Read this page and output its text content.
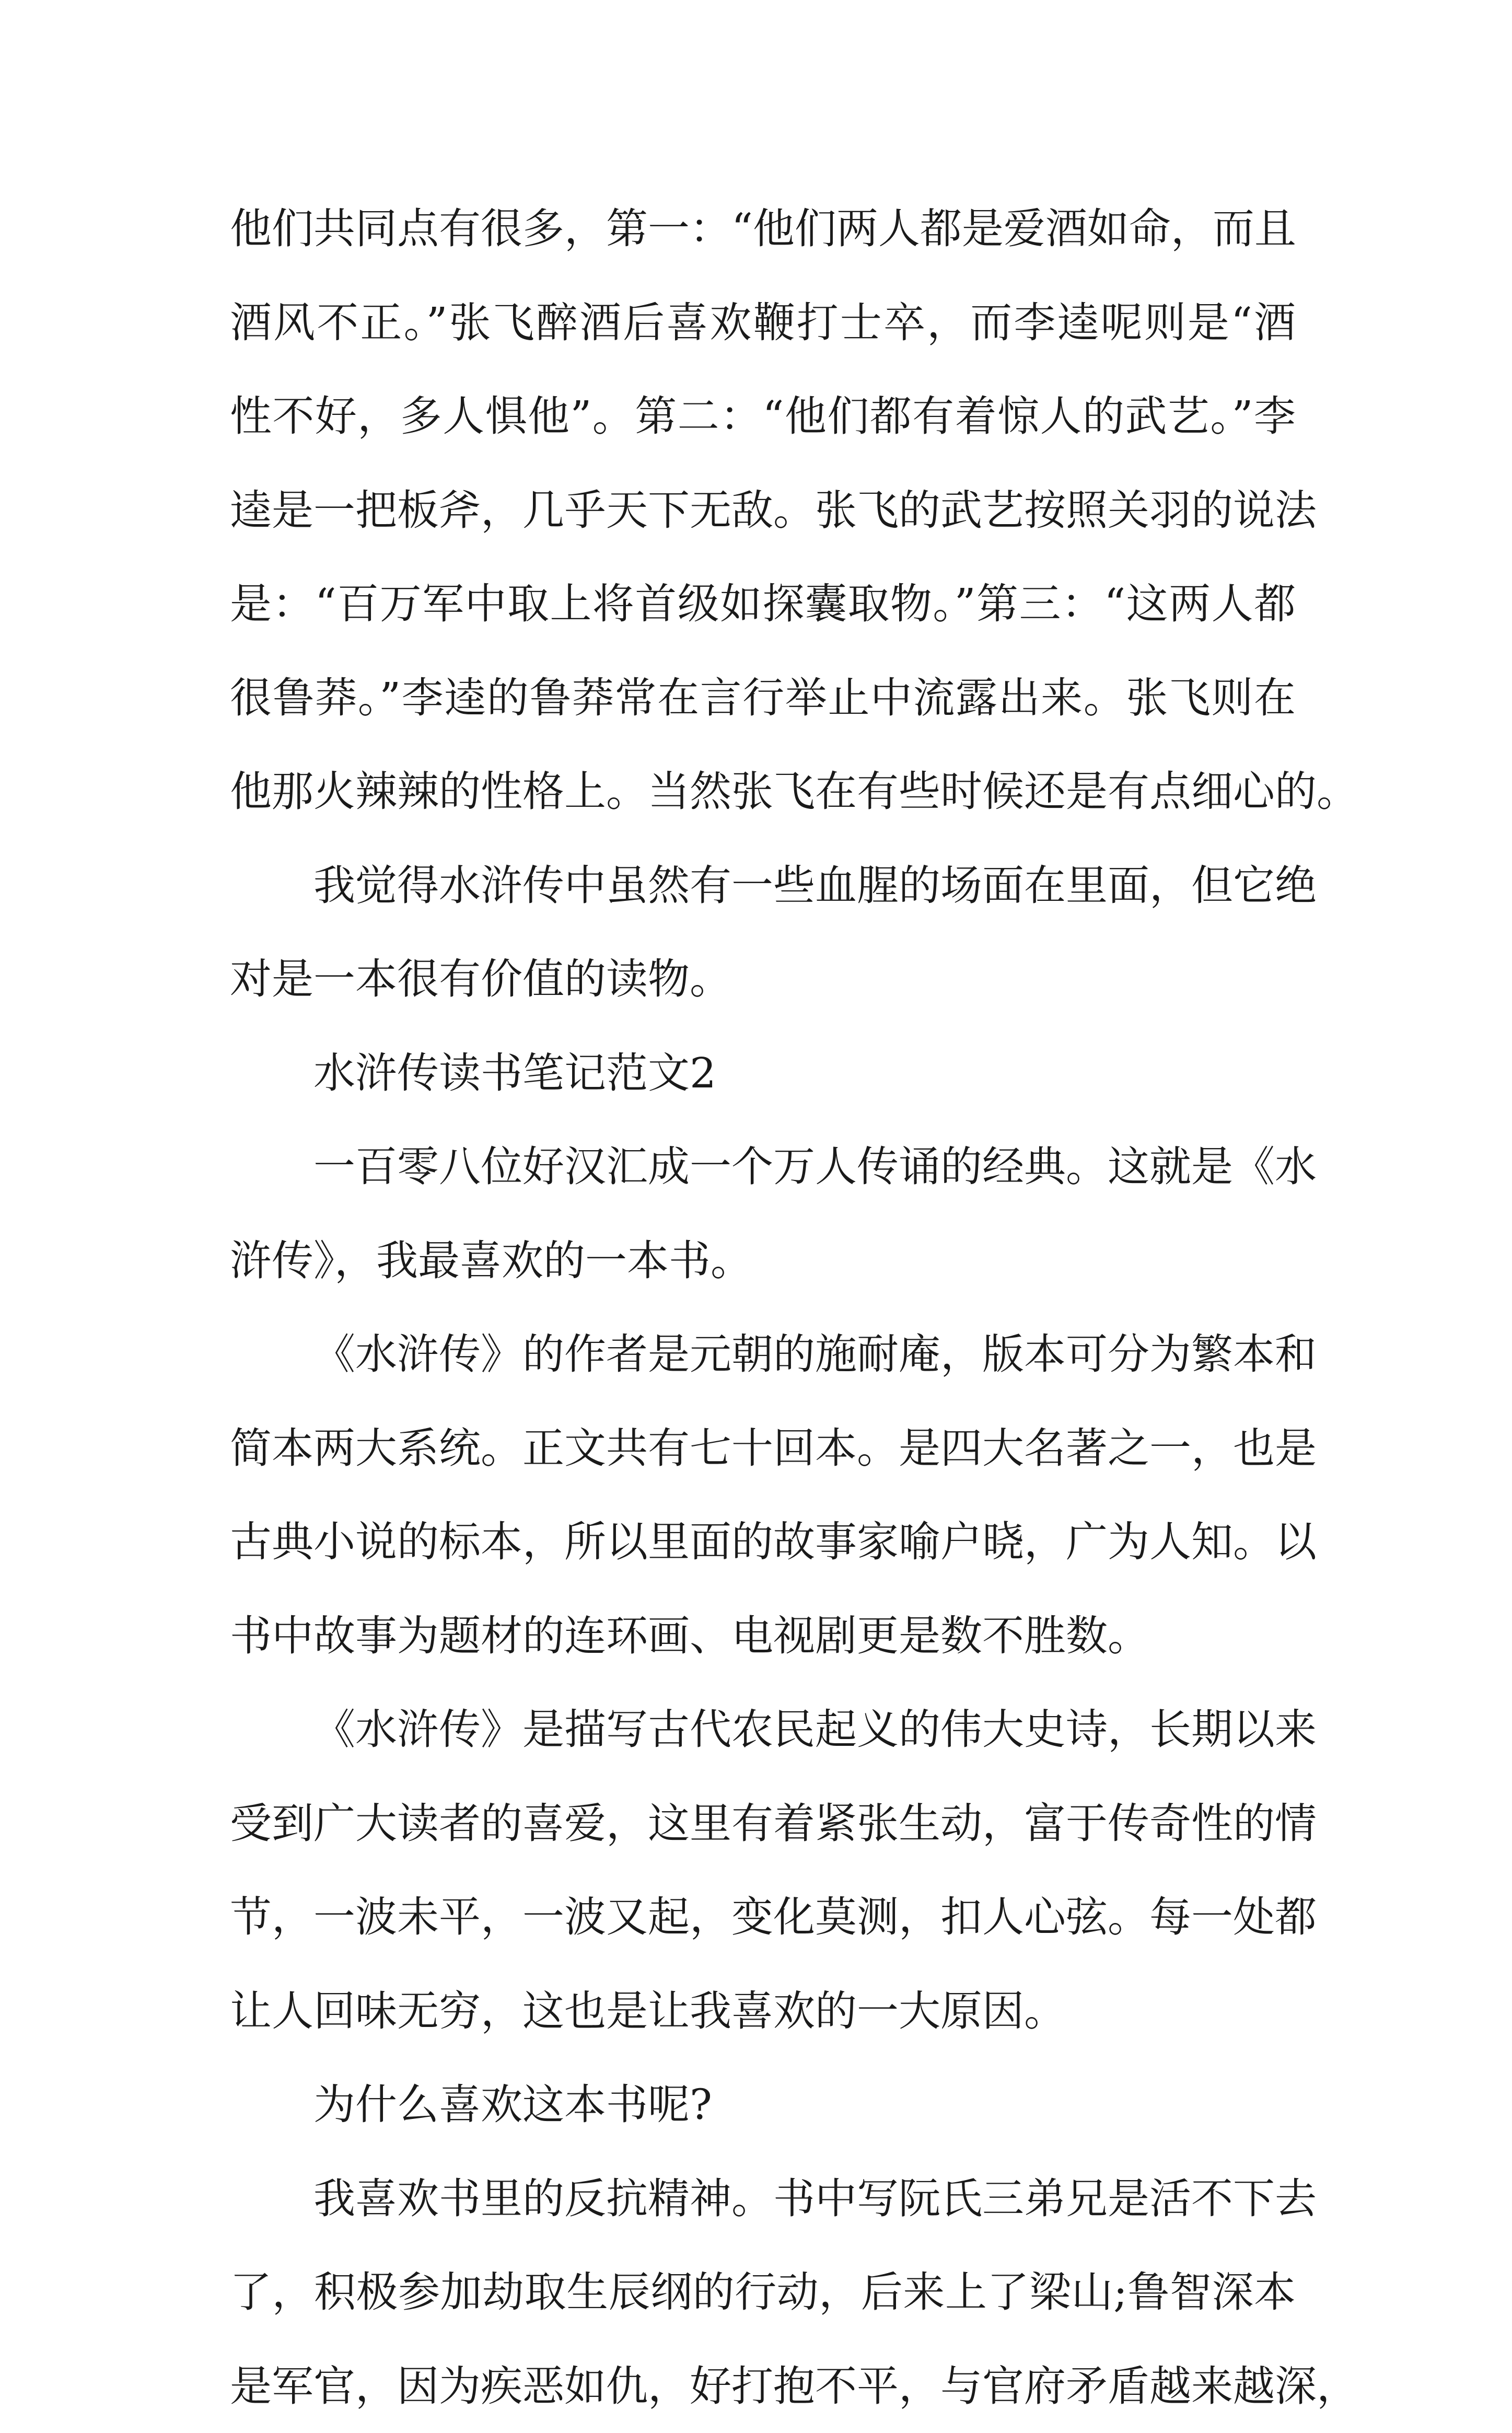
他们共同点有很多，第一：“他们两人都是爱酒如命，而且
酒风不正。”张飞醉酒后喜欢鞭打士卒，而李逵呢则是“酒
性不好，多人惧他”。第二：“他们都有着惊人的武艺。”李
逵是一把板斧，几乎天下无敌。张飞的武艺按照关羽的说法
是：“百万军中取上将首级如探囊取物。”第三：“这两人都
很鲁莽。”李逵的鲁莽常在言行举止中流露出来。张飞则在
他那火辣辣的性格上。当然张飞在有些时候还是有点细心的。
我觉得水浒传中虽然有一些血腥的场面在里面，但它绝
对是一本很有价值的读物。
水浒传读书笔记范文2
一百零八位好汉汇成一个万人传诵的经典。这就是《水
浒传》，我最喜欢的一本书。
《水浒传》的作者是元朝的施耐庵，版本可分为繁本和
简本两大系统。正文共有七十回本。是四大名著之一，也是
古典小说的标本，所以里面的故事家喻户晓，广为人知。以
书中故事为题材的连环画、电视剧更是数不胜数。
《水浒传》是描写古代农民起义的伟大史诗，长期以来
受到广大读者的喜爱，这里有着紧张生动，富于传奇性的情
节，一波未平，一波又起，变化莫测，扣人心弦。每一处都
让人回味无穷，这也是让我喜欢的一大原因。
为什么喜欢这本书呢?
我喜欢书里的反抗精神。书中写阮氏三弟兄是活不下去
了，积极参加劫取生辰纲的行动，后来上了梁山;鲁智深本
是军官，因为疾恶如仇，好打抱不平，与官府矛盾越来越深，
